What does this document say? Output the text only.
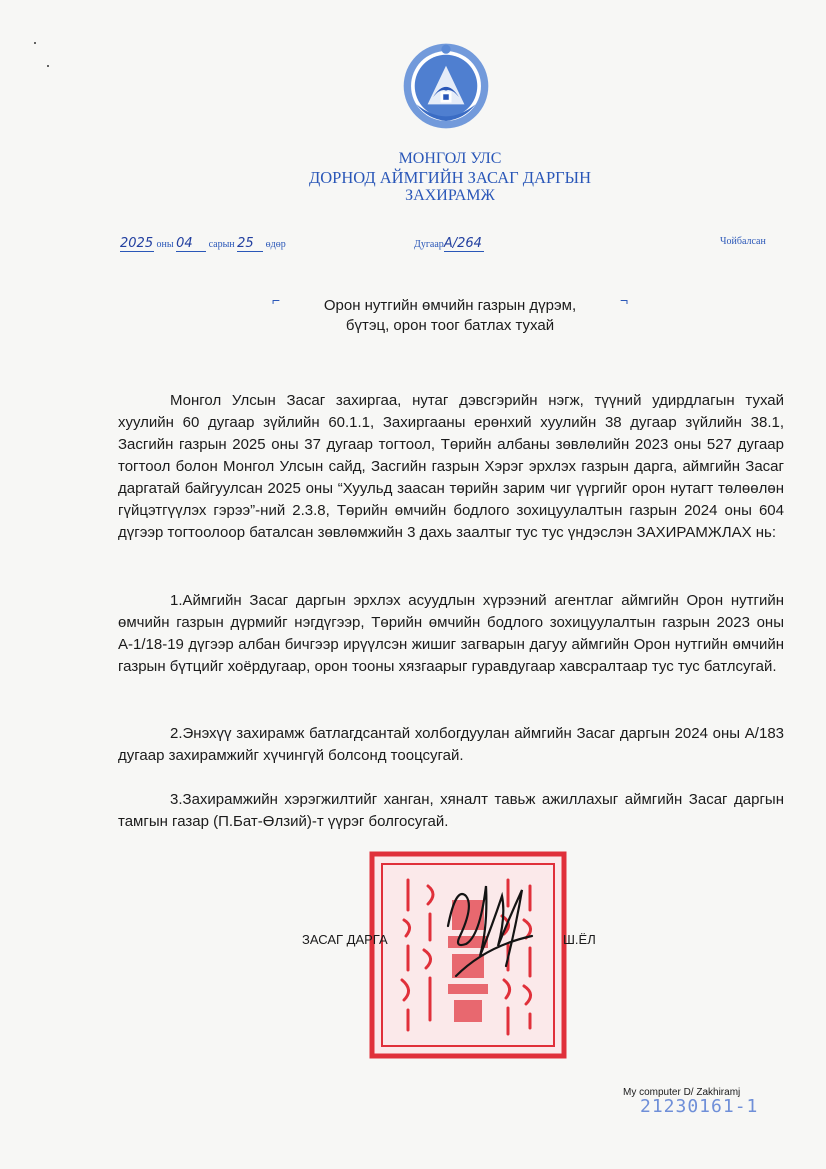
МОНГОЛ УЛС
ДОРНОД АЙМГИЙН ЗАСАГ ДАРГЫН
ЗАХИРАМЖ
2025 оны 04 сарын 25 өдөр	ДугаарА/264	Чойбалсан
⌐	¬
Орон нутгийн өмчийн газрын дүрэм,
бүтэц, орон тоог батлах тухай

Монгол Улсын Засаг захиргаа, нутаг дэвсгэрийн нэгж, түүний удирдлагын тухай хуулийн 60 дугаар зүйлийн 60.1.1, Захиргааны ерөнхий хуулийн 38 дугаар зүйлийн 38.1, Засгийн газрын 2025 оны 37 дугаар тогтоол, Төрийн албаны зөвлөлийн 2023 оны 527 дугаар тогтоол болон Монгол Улсын сайд, Засгийн газрын Хэрэг эрхлэх газрын дарга, аймгийн Засаг даргатай байгуулсан 2025 оны “Хуульд заасан төрийн зарим чиг үүргийг орон нутагт төлөөлөн гүйцэтгүүлэх гэрээ”-ний 2.3.8, Төрийн өмчийн бодлого зохицуулалтын газрын 2024 оны 604 дүгээр тогтоолоор баталсан зөвлөмжийн 3 дахь заалтыг тус тус үндэслэн ЗАХИРАМЖЛАХ нь:

1.Аймгийн Засаг даргын эрхлэх асуудлын хүрээний агентлаг аймгийн Орон нутгийн өмчийн газрын дүрмийг нэгдүгээр, Төрийн өмчийн бодлого зохицуулалтын газрын 2023 оны А-1/18-19 дүгээр албан бичгээр ирүүлсэн жишиг загварын дагуу аймгийн Орон нутгийн өмчийн газрын бүтцийг хоёрдугаар, орон тооны хязгаарыг гуравдугаар хавсралтаар тус тус батлсугай.

2.Энэхүү захирамж батлагдсантай холбогдуулан аймгийн Засаг даргын 2024 оны А/183 дугаар захирамжийг хүчингүй болсонд тооцсугай.

3.Захирамжийн хэрэгжилтийг ханган, хяналт тавьж ажиллахыг аймгийн Засаг даргын тамгын газар (П.Бат-Өлзий)-т үүрэг болгосугай.

ЗАСАГ ДАРГА	Ш.ЁЛ
My computer D/ Zakhiramj
21230161-1
